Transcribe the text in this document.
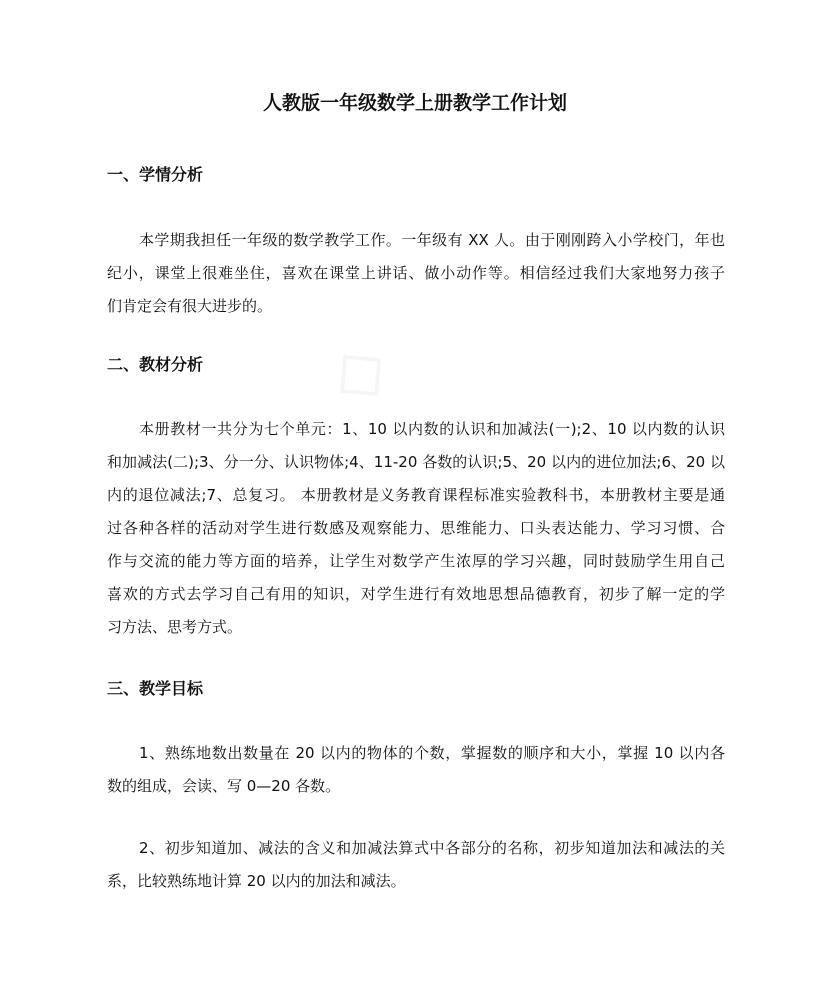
人教版一年级数学上册教学工作计划
一、学情分析
本学期我担任一年级的数学教学工作。一年级有 XX 人。由于刚刚跨入小学校门，年也
纪小，课堂上很难坐住，喜欢在课堂上讲话、做小动作等。相信经过我们大家地努力孩子
们肯定会有很大进步的。
二、教材分析
本册教材一共分为七个单元：1、10 以内数的认识和加减法(一);2、10 以内数的认识
和加减法(二);3、分一分、认识物体;4、11-20 各数的认识;5、20 以内的进位加法;6、20 以
内的退位减法;7、总复习。 本册教材是义务教育课程标准实验教科书，本册教材主要是通
过各种各样的活动对学生进行数感及观察能力、思维能力、口头表达能力、学习习惯、合
作与交流的能力等方面的培养，让学生对数学产生浓厚的学习兴趣，同时鼓励学生用自己
喜欢的方式去学习自己有用的知识，对学生进行有效地思想品德教育，初步了解一定的学
习方法、思考方式。
三、教学目标
1、熟练地数出数量在 20 以内的物体的个数，掌握数的顺序和大小，掌握 10 以内各
数的组成，会读、写 0—20 各数。
2、初步知道加、减法的含义和加减法算式中各部分的名称，初步知道加法和减法的关
系，比较熟练地计算 20 以内的加法和减法。
